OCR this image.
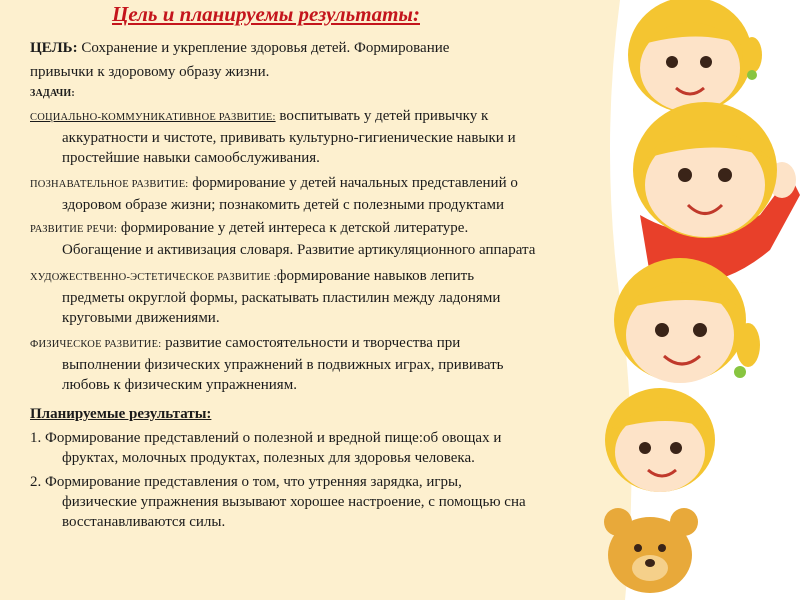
Цель и планируемы результаты:
ЦЕЛЬ: Сохранение и укрепление здоровья детей. Формирование
привычки к здоровому образу жизни.
ЗАДАЧИ:
СОЦИАЛЬНО-КОММУНИКАТИВНОЕ РАЗВИТИЕ: воспитывать у детей привычку к
аккуратности и чистоте, прививать культурно-гигиенические навыки и
простейшие навыки самообслуживания.
ПОЗНАВАТЕЛЬНОЕ РАЗВИТИЕ: формирование у детей начальных представлений о
здоровом образе жизни; познакомить детей с полезными продуктами
РАЗВИТИЕ РЕЧИ: формирование у детей интереса к детской литературе.
Обогащение и активизация словаря. Развитие артикуляционного аппарата
ХУДОЖЕСТВЕННО-ЭСТЕТИЧЕСКОЕ РАЗВИТИЕ :формирование навыков лепить
предметы округлой формы, раскатывать пластилин между ладонями
круговыми движениями.
ФИЗИЧЕСКОЕ РАЗВИТИЕ: развитие самостоятельности и творчества при
выполнении физических упражнений в подвижных играх, прививать
любовь к физическим упражнениям.
Планируемые результаты:
1. Формирование представлений о полезной и вредной пище:об овощах и
фруктах, молочных продуктах, полезных для здоровья человека.
2. Формирование представления о том, что утренняя зарядка, игры,
физические упражнения вызывают хорошее настроение, с помощью сна
восстанавливаются силы.
